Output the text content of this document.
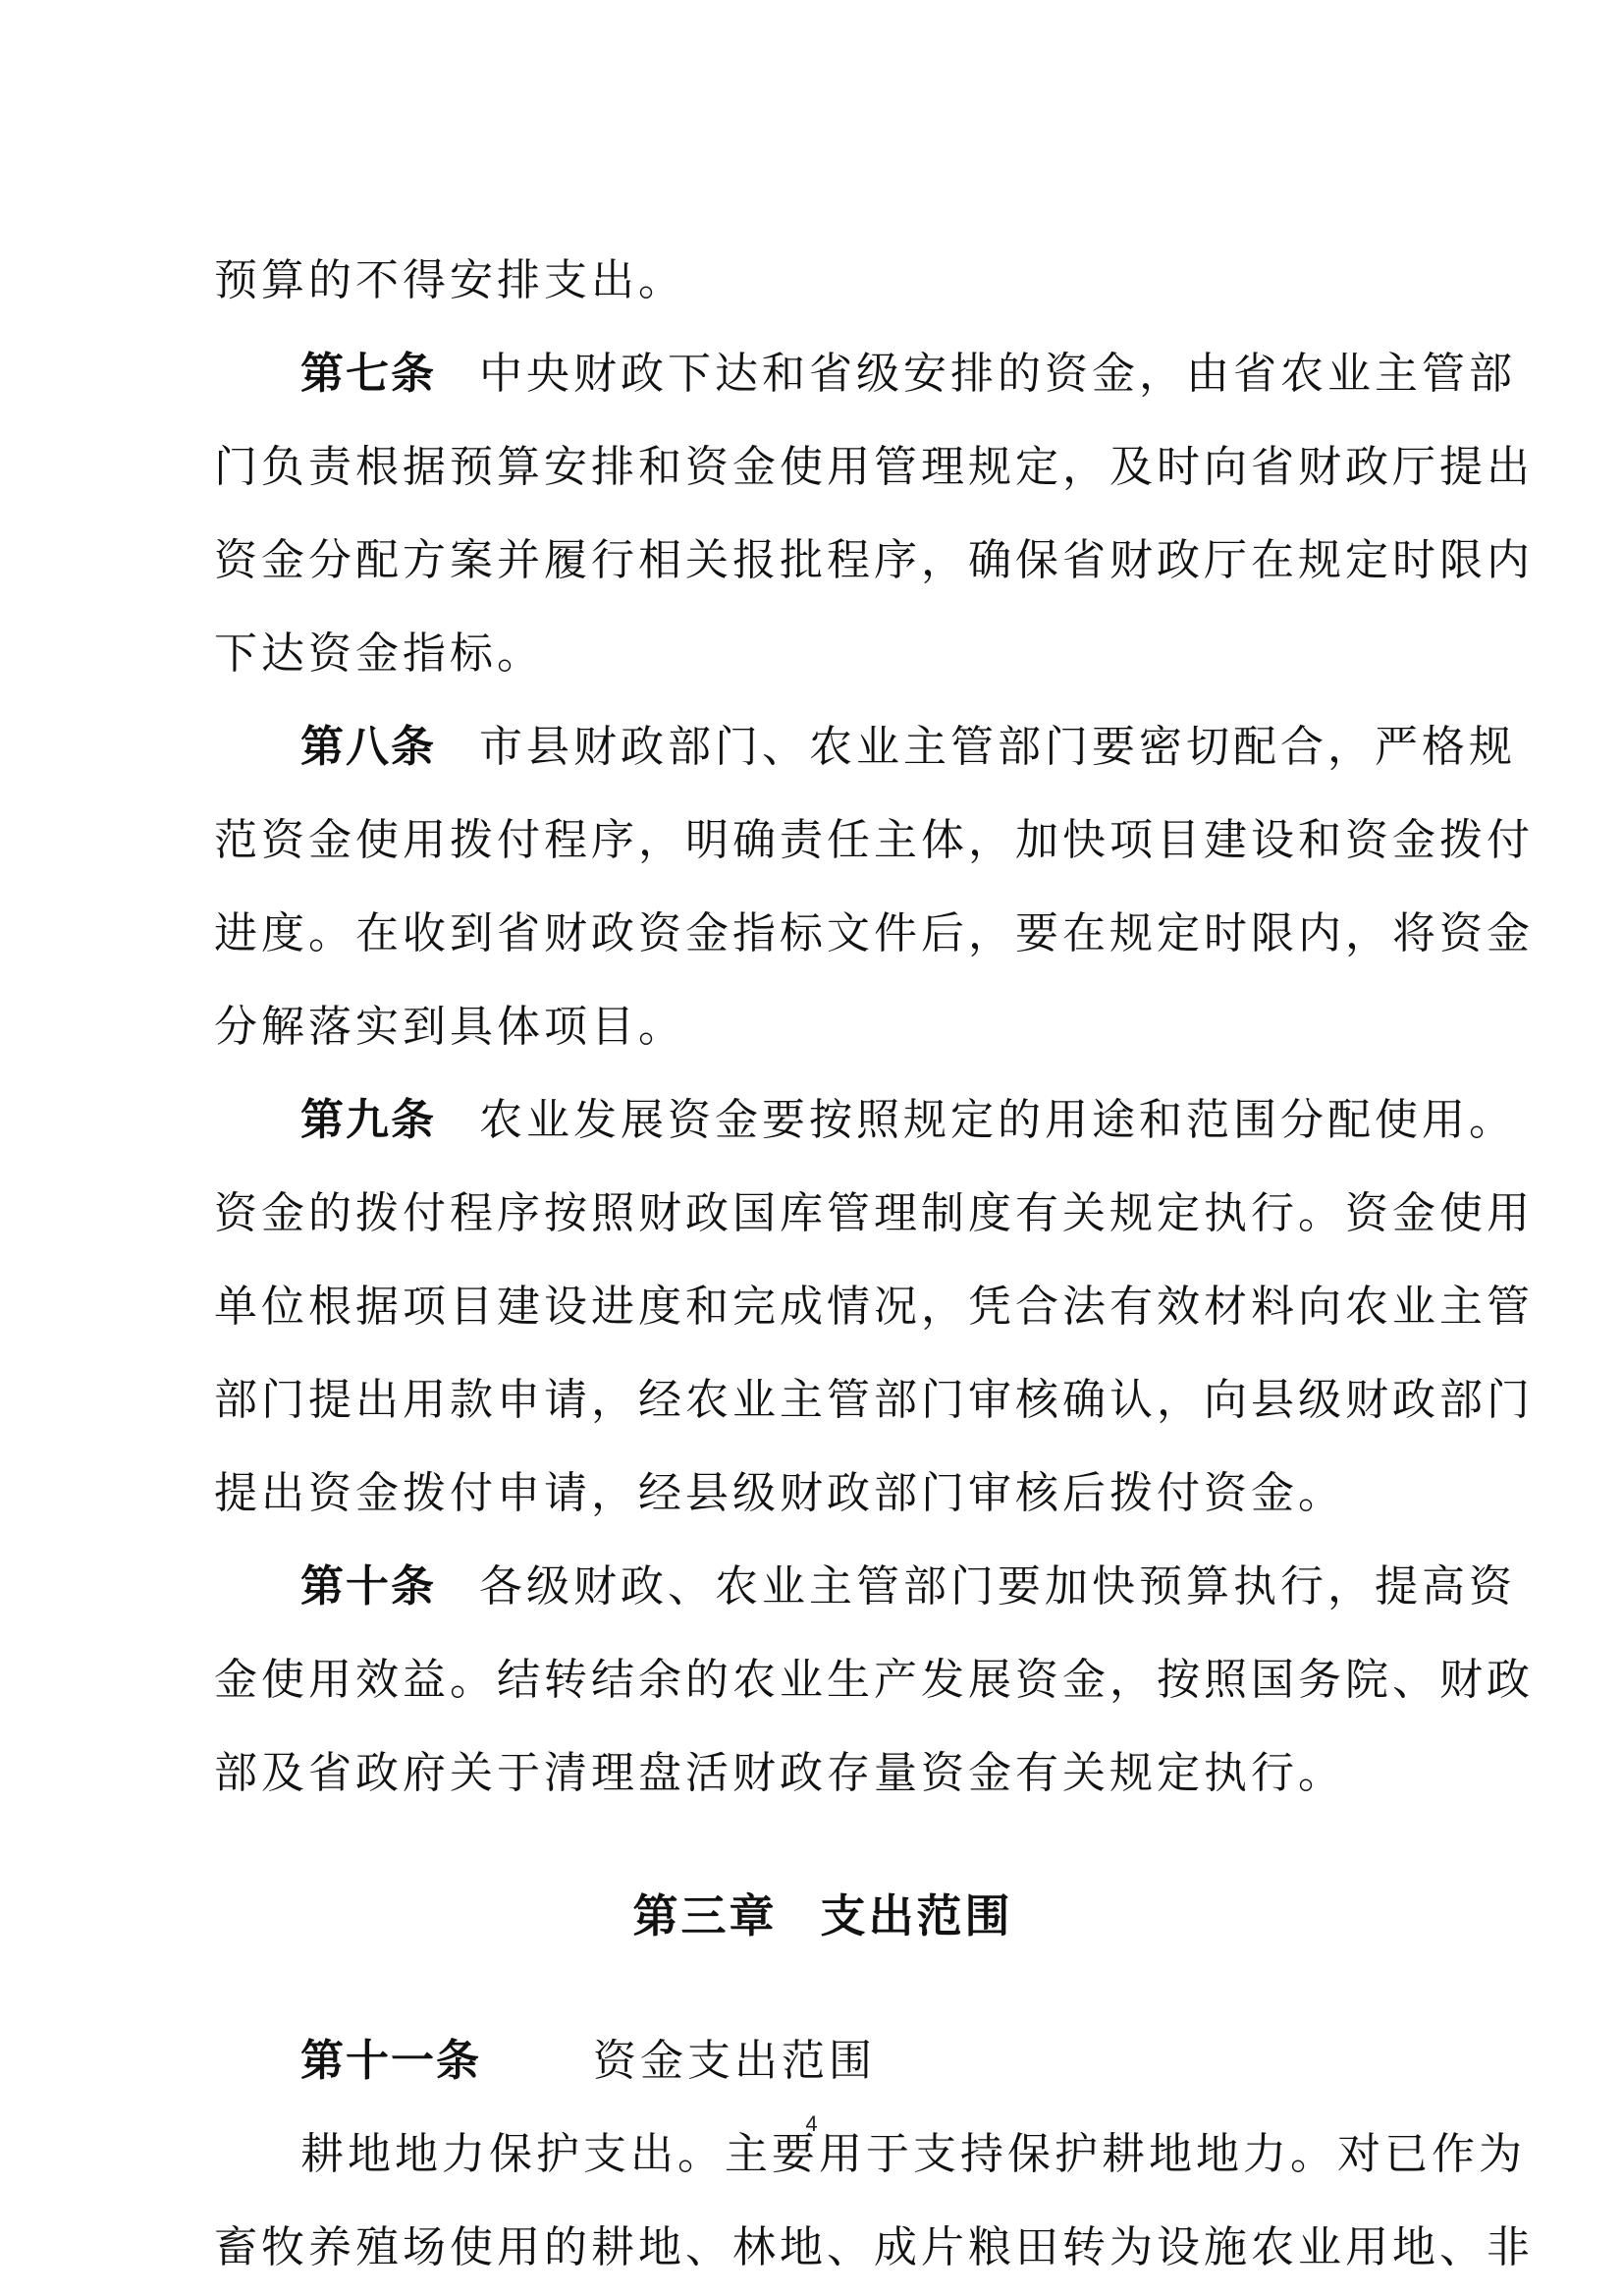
预算的不得安排支出。
第七条 中央财政下达和省级安排的资金，由省农业主管部
门负责根据预算安排和资金使用管理规定，及时向省财政厅提出
资金分配方案并履行相关报批程序，确保省财政厅在规定时限内
下达资金指标。
第八条 市县财政部门、农业主管部门要密切配合，严格规
范资金使用拨付程序，明确责任主体，加快项目建设和资金拨付
进度。在收到省财政资金指标文件后，要在规定时限内，将资金
分解落实到具体项目。
第九条 农业发展资金要按照规定的用途和范围分配使用。
资金的拨付程序按照财政国库管理制度有关规定执行。资金使用
单位根据项目建设进度和完成情况，凭合法有效材料向农业主管
部门提出用款申请，经农业主管部门审核确认，向县级财政部门
提出资金拨付申请，经县级财政部门审核后拨付资金。
第十条 各级财政、农业主管部门要加快预算执行，提高资
金使用效益。结转结余的农业生产发展资金，按照国务院、财政
部及省政府关于清理盘活财政存量资金有关规定执行。
第三章 支出范围
第十一条	资金支出范围
耕地地力保护支出。主要用于支持保护耕地地力。对已作为
畜牧养殖场使用的耕地、林地、成片粮田转为设施农业用地、非
4
